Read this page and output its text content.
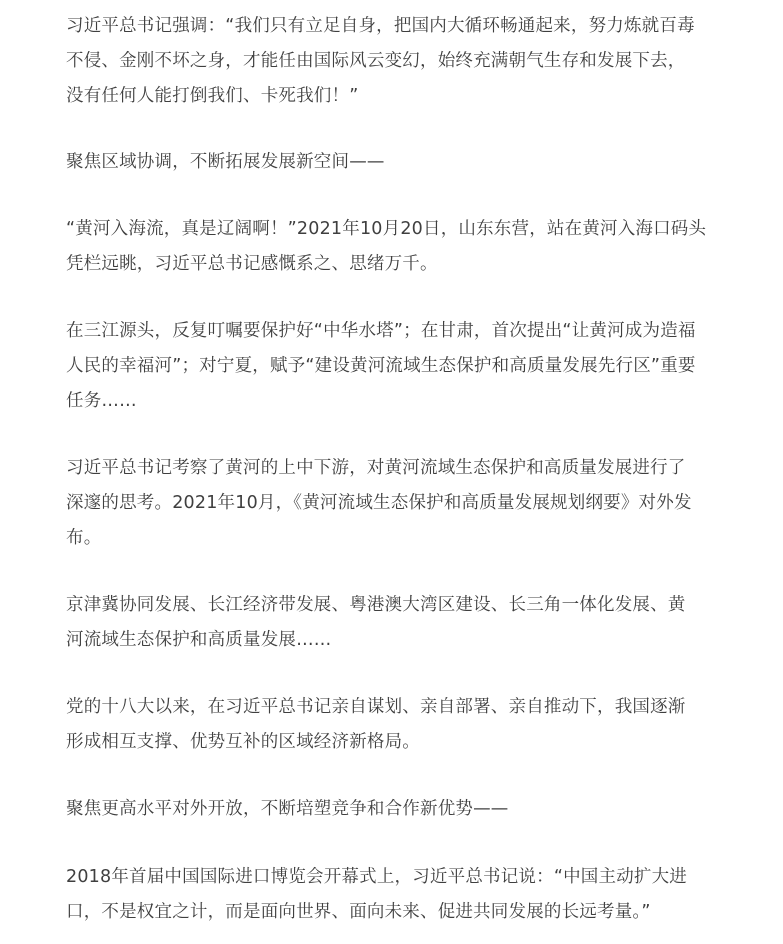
习近平总书记强调：“我们只有立足自身，把国内大循环畅通起来，努力炼就百毒
不侵、金刚不坏之身，才能任由国际风云变幻，始终充满朝气生存和发展下去，
没有任何人能打倒我们、卡死我们！”

聚焦区域协调，不断拓展发展新空间——

“黄河入海流，真是辽阔啊！”2021年10月20日，山东东营，站在黄河入海口码头
凭栏远眺，习近平总书记感慨系之、思绪万千。

在三江源头，反复叮嘱要保护好“中华水塔”；在甘肃，首次提出“让黄河成为造福
人民的幸福河”；对宁夏，赋予“建设黄河流域生态保护和高质量发展先行区”重要
任务……

习近平总书记考察了黄河的上中下游，对黄河流域生态保护和高质量发展进行了
深邃的思考。2021年10月，《黄河流域生态保护和高质量发展规划纲要》对外发
布。

京津冀协同发展、长江经济带发展、粤港澳大湾区建设、长三角一体化发展、黄
河流域生态保护和高质量发展……

党的十八大以来，在习近平总书记亲自谋划、亲自部署、亲自推动下，我国逐渐
形成相互支撑、优势互补的区域经济新格局。

聚焦更高水平对外开放，不断培塑竞争和合作新优势——

2018年首届中国国际进口博览会开幕式上，习近平总书记说：“中国主动扩大进
口，不是权宜之计，而是面向世界、面向未来、促进共同发展的长远考量。”
